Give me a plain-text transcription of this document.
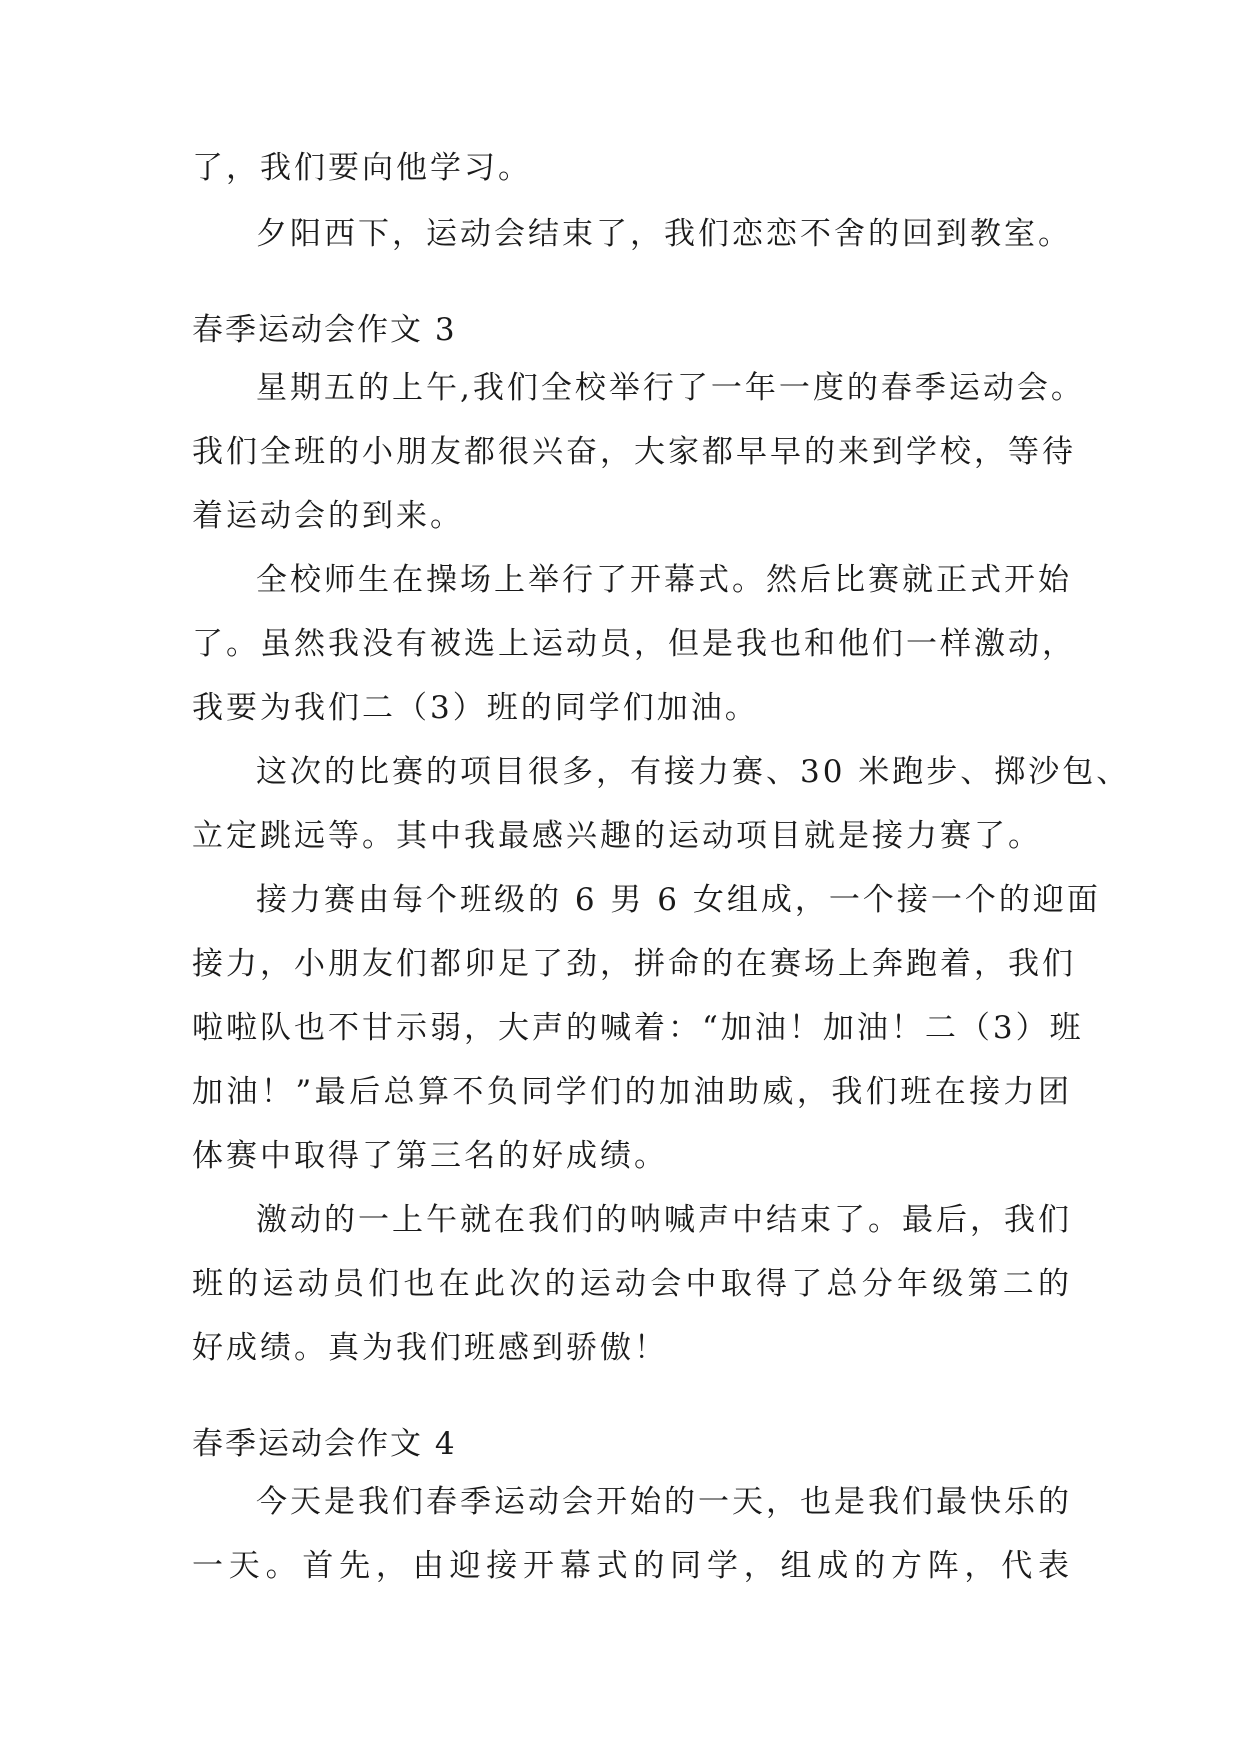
了，我们要向他学习。
夕阳西下，运动会结束了，我们恋恋不舍的回到教室。
春季运动会作文 3
星期五的上午,我们全校举行了一年一度的春季运动会。
我们全班的小朋友都很兴奋，大家都早早的来到学校，等待
着运动会的到来。
全校师生在操场上举行了开幕式。然后比赛就正式开始
了。虽然我没有被选上运动员，但是我也和他们一样激动，
我要为我们二（3）班的同学们加油。
这次的比赛的项目很多，有接力赛、30 米跑步、掷沙包、
立定跳远等。其中我最感兴趣的运动项目就是接力赛了。
接力赛由每个班级的 6 男 6 女组成，一个接一个的迎面
接力，小朋友们都卯足了劲，拼命的在赛场上奔跑着，我们
啦啦队也不甘示弱，大声的喊着：“加油！加油！二（3）班
加油！”最后总算不负同学们的加油助威，我们班在接力团
体赛中取得了第三名的好成绩。
激动的一上午就在我们的呐喊声中结束了。最后，我们
班的运动员们也在此次的运动会中取得了总分年级第二的
好成绩。真为我们班感到骄傲！
春季运动会作文 4
今天是我们春季运动会开始的一天，也是我们最快乐的
一天。首先，由迎接开幕式的同学，组成的方阵，代表
